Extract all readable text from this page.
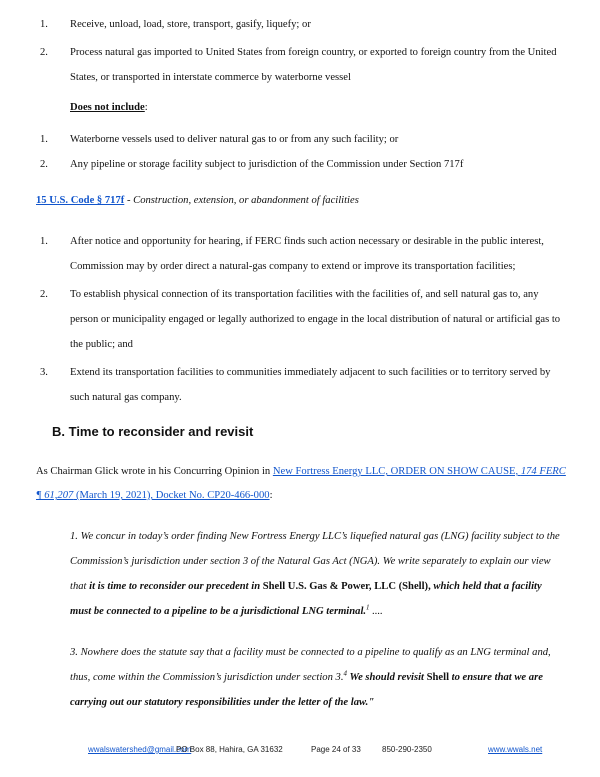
1.	Receive, unload, load, store, transport, gasify, liquefy; or
2.	Process natural gas imported to United States from foreign country, or exported to foreign country from the United States, or transported in interstate commerce by waterborne vessel
Does not include:
1.	Waterborne vessels used to deliver natural gas to or from any such facility; or
2.	Any pipeline or storage facility subject to jurisdiction of the Commission under Section 717f
15 U.S. Code § 717f - Construction, extension, or abandonment of facilities
1.	After notice and opportunity for hearing, if FERC finds such action necessary or desirable in the public interest, Commission may by order direct a natural-gas company to extend or improve its transportation facilities;
2.	To establish physical connection of its transportation facilities with the facilities of, and sell natural gas to, any person or municipality engaged or legally authorized to engage in the local distribution of natural or artificial gas to the public; and
3.	Extend its transportation facilities to communities immediately adjacent to such facilities or to territory served by such natural gas company.
B. Time to reconsider and revisit
As Chairman Glick wrote in his Concurring Opinion in New Fortress Energy LLC, ORDER ON SHOW CAUSE, 174 FERC ¶ 61,207 (March 19, 2021), Docket No. CP20-466-000:
1. We concur in today’s order finding New Fortress Energy LLC’s liquefied natural gas (LNG) facility subject to the Commission’s jurisdiction under section 3 of the Natural Gas Act (NGA). We write separately to explain our view that it is time to reconsider our precedent in Shell U.S. Gas & Power, LLC (Shell), which held that a facility must be connected to a pipeline to be a jurisdictional LNG terminal.$^1$ ....
3. Nowhere does the statute say that a facility must be connected to a pipeline to qualify as an LNG terminal and, thus, come within the Commission’s jurisdiction under section 3.$^4$ We should revisit Shell to ensure that we are carrying out our statutory responsibilities under the letter of the law."
wwalswatershed@gmail.com
PO Box 88, Hahira, GA 31632	Page 24 of 33	850-290-2350	www.wwals.net
